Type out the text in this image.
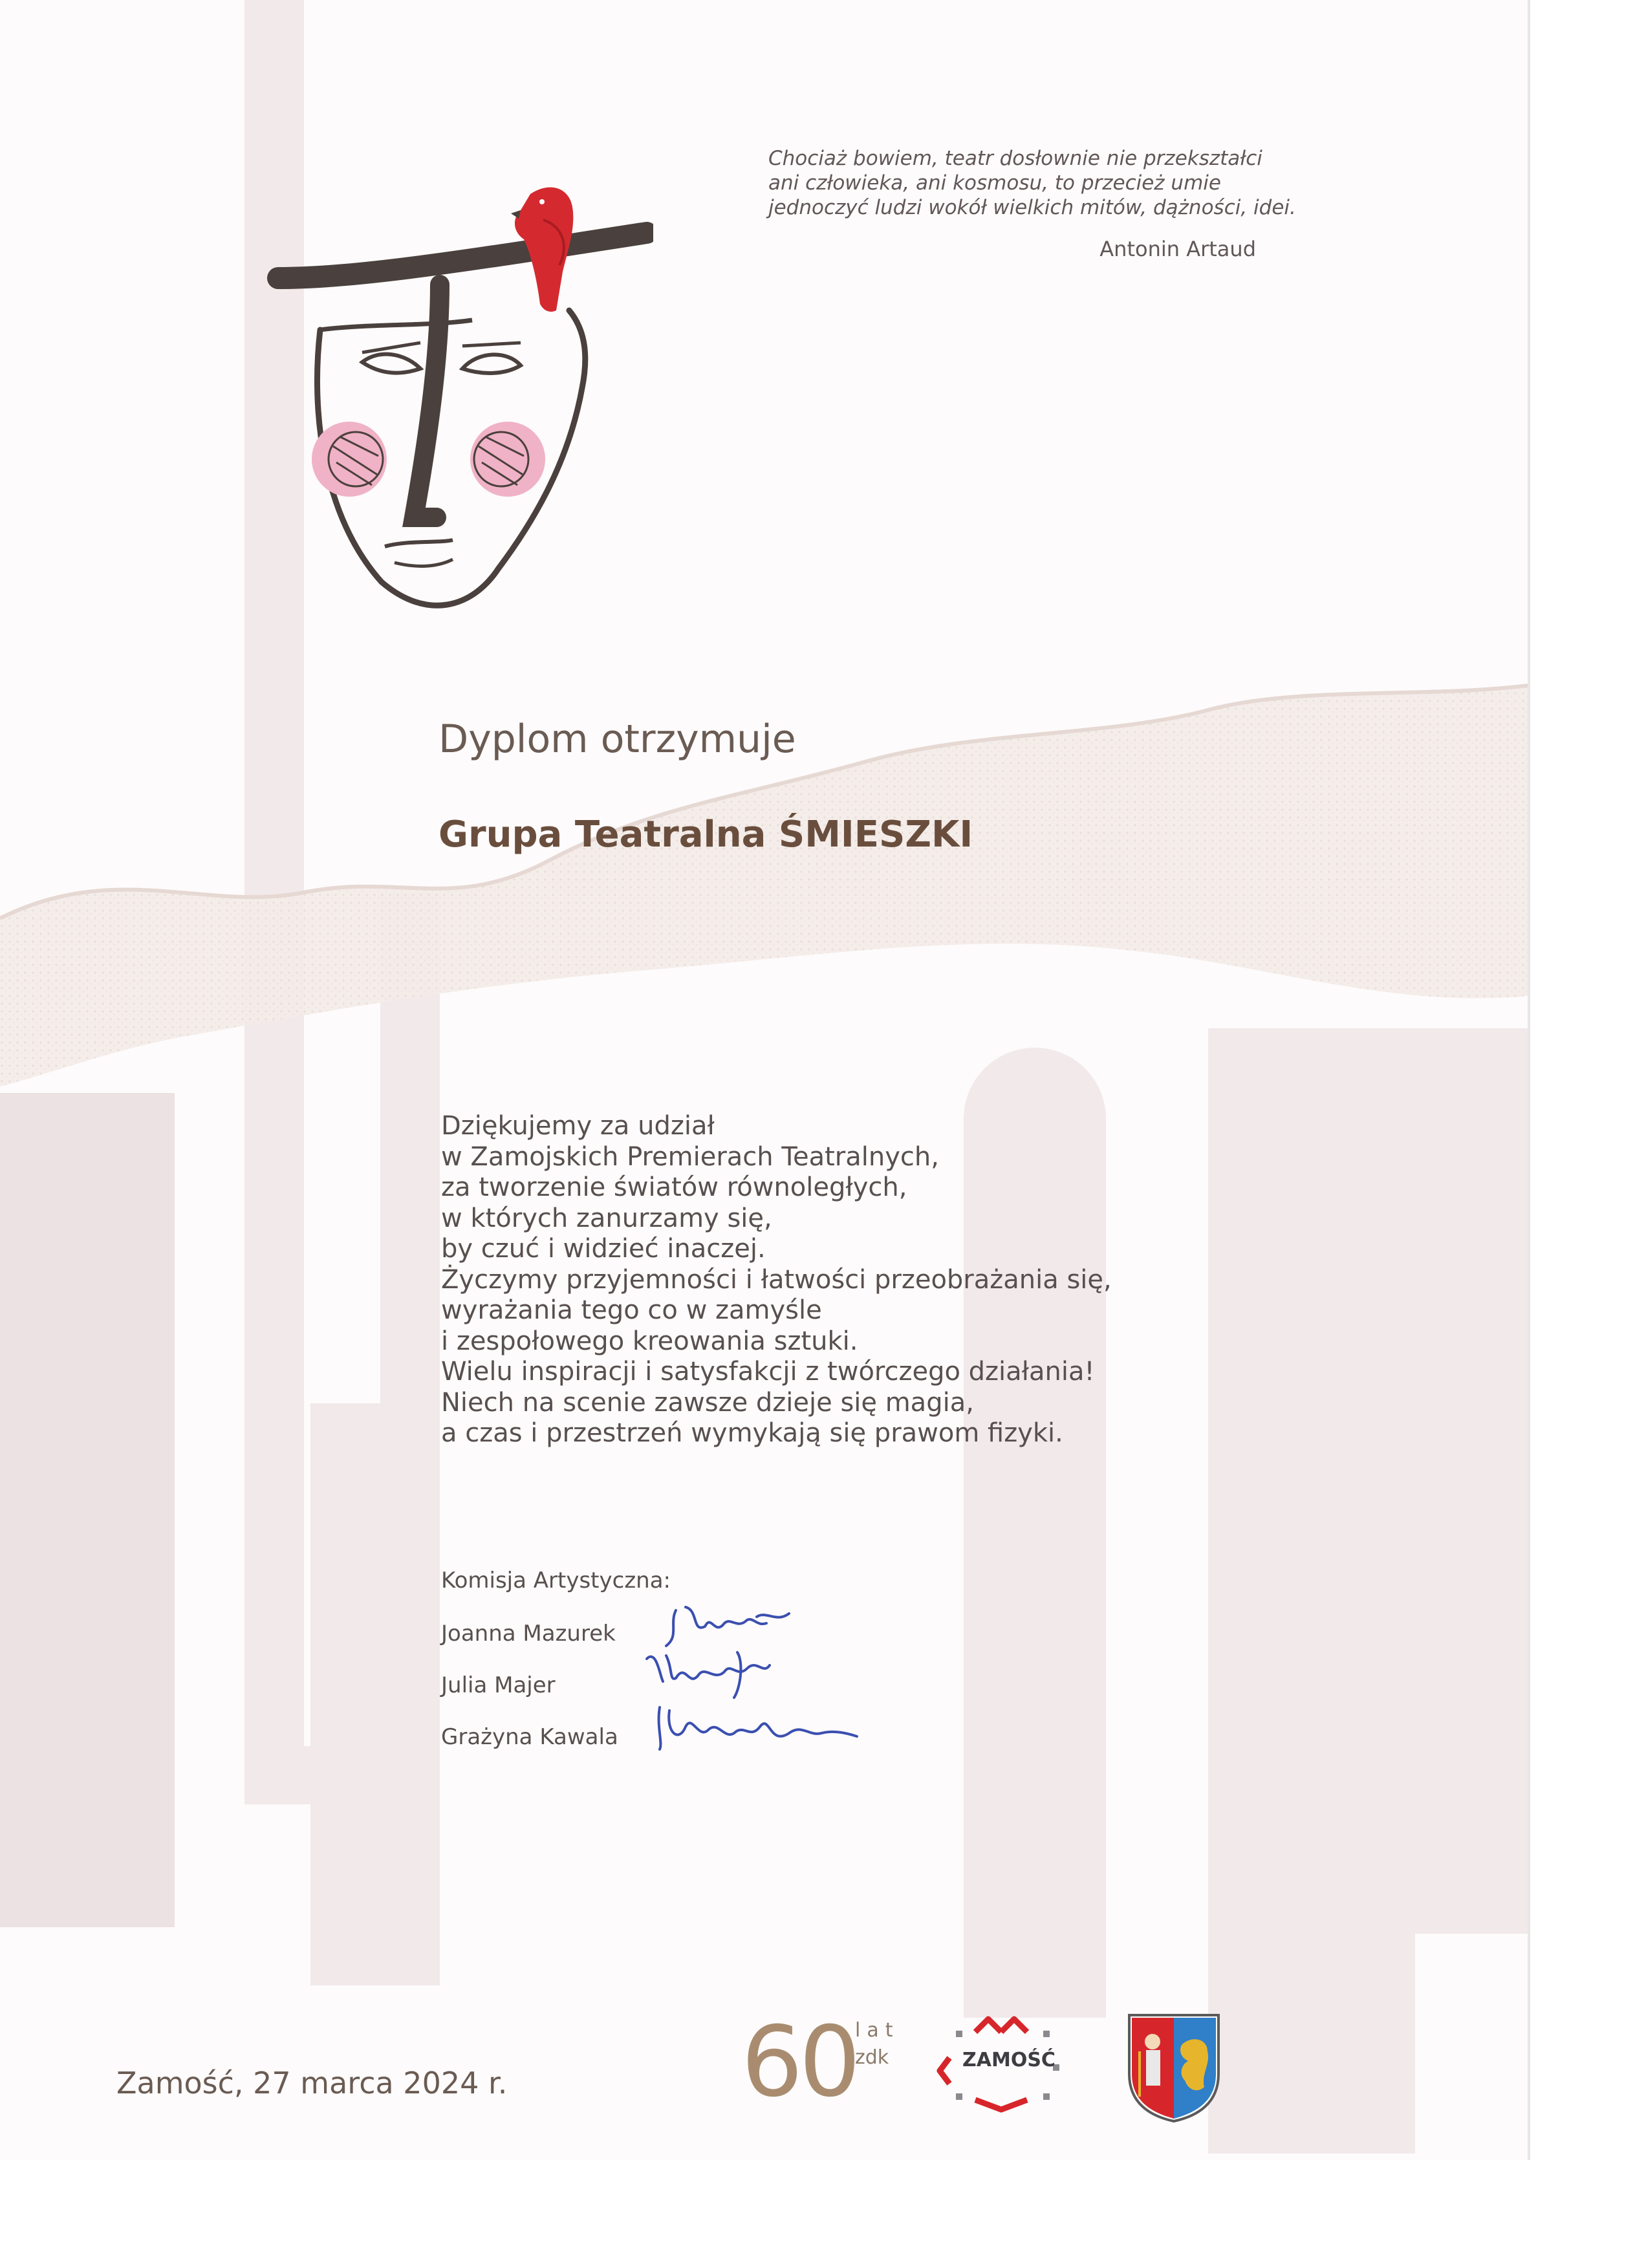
Chociaż bowiem, teatr dosłownie nie przekształci
ani człowieka, ani kosmosu, to przecież umie
jednoczyć ludzi wokół wielkich mitów, dążności, idei.
Antonin Artaud
Dyplom otrzymuje
Grupa Teatralna ŚMIESZKI
Dziękujemy za udział
w Zamojskich Premierach Teatralnych,
za tworzenie światów równoległych,
w których zanurzamy się,
by czuć i widzieć inaczej.
Życzymy przyjemności i łatwości przeobrażania się,
wyrażania tego co w zamyśle
i zespołowego kreowania sztuki.
Wielu inspiracji i satysfakcji z twórczego działania!
Niech na scenie zawsze dzieje się magia,
a czas i przestrzeń wymykają się prawom fizyki.
Komisja Artystyczna:
Joanna Mazurek
Julia Majer
Grażyna Kawala
Zamość, 27 marca 2024 r. 60
lat
zdk	ZAMOŚĆ
